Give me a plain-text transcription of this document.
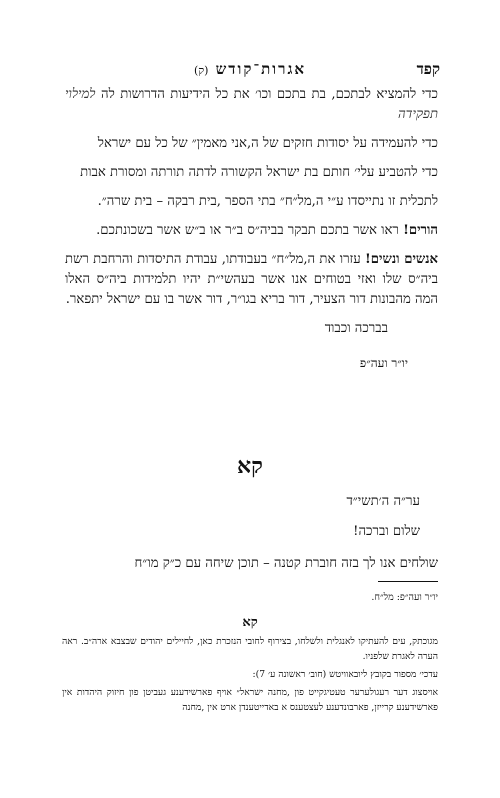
קפד
אגרות־קודש (ק)

כדי להמציא לבתכם, בת בתכם וכו׳ את כל הידיעות הדרושות לה למילוי תפקידה

כדי להעמידה על יסודות חזקים של ה,אני מאמין״ של כל עם ישראל

כדי להטביע עלי׳ חותם בת ישראל הקשורה לדתה תורתה ומסורת אבות

לתכלית זו נתייסדו ע״י ה,מל״ח״ בתי הספר ,בית רבקה – בית שרה״.

הורים! ראו אשר בתכם תבקר בביה״ס ב״ר או ב״ש אשר בשכונתכם.

אנשים ונשים! עזרו את ה,מל״ח״ בעבודתו, עבודת התיסדות והרחבת רשת ביה״ס שלו ואזי בטוחים אנו אשר בעהשי״ת יהיו תלמידות ביה״ס האלו המה מהבונות דור הצעיר, דור בריא בגו״ר, דור אשר בו עם ישראל יתפאר.

בברכה וכבוד

יו״ר ועה״פ

קא

ער״ה ה׳תשי״ד

שלום וברכה!

שולחים אנו לך בזה חוברת קטנה – תוכן שיחה עם כ״ק מו״ח

יו״ר ועה״פ: מל״ח.
קא

מגוכתק, עים להעתיקו לאנגלית ולשלחו, בצירוף לחובי הנזכרת כאן, לחיילים יהודים שבצבא ארה״ב. ראה הערה לאגרת שלפניו.

עדכי׳ מספור בקובץ ליובאוויטש (חוב׳ ראשונה ע׳ 7):

אויסצוג דער רעגולערער טעטיגקייט פון ,מחנה ישראל״ אויף פארשידענע געביטן פון חיזוק היהדות אין פארשידענע קרייזן, פארבונדענע לעצטענס א באדייטענדן ארט אין ,מחנה
